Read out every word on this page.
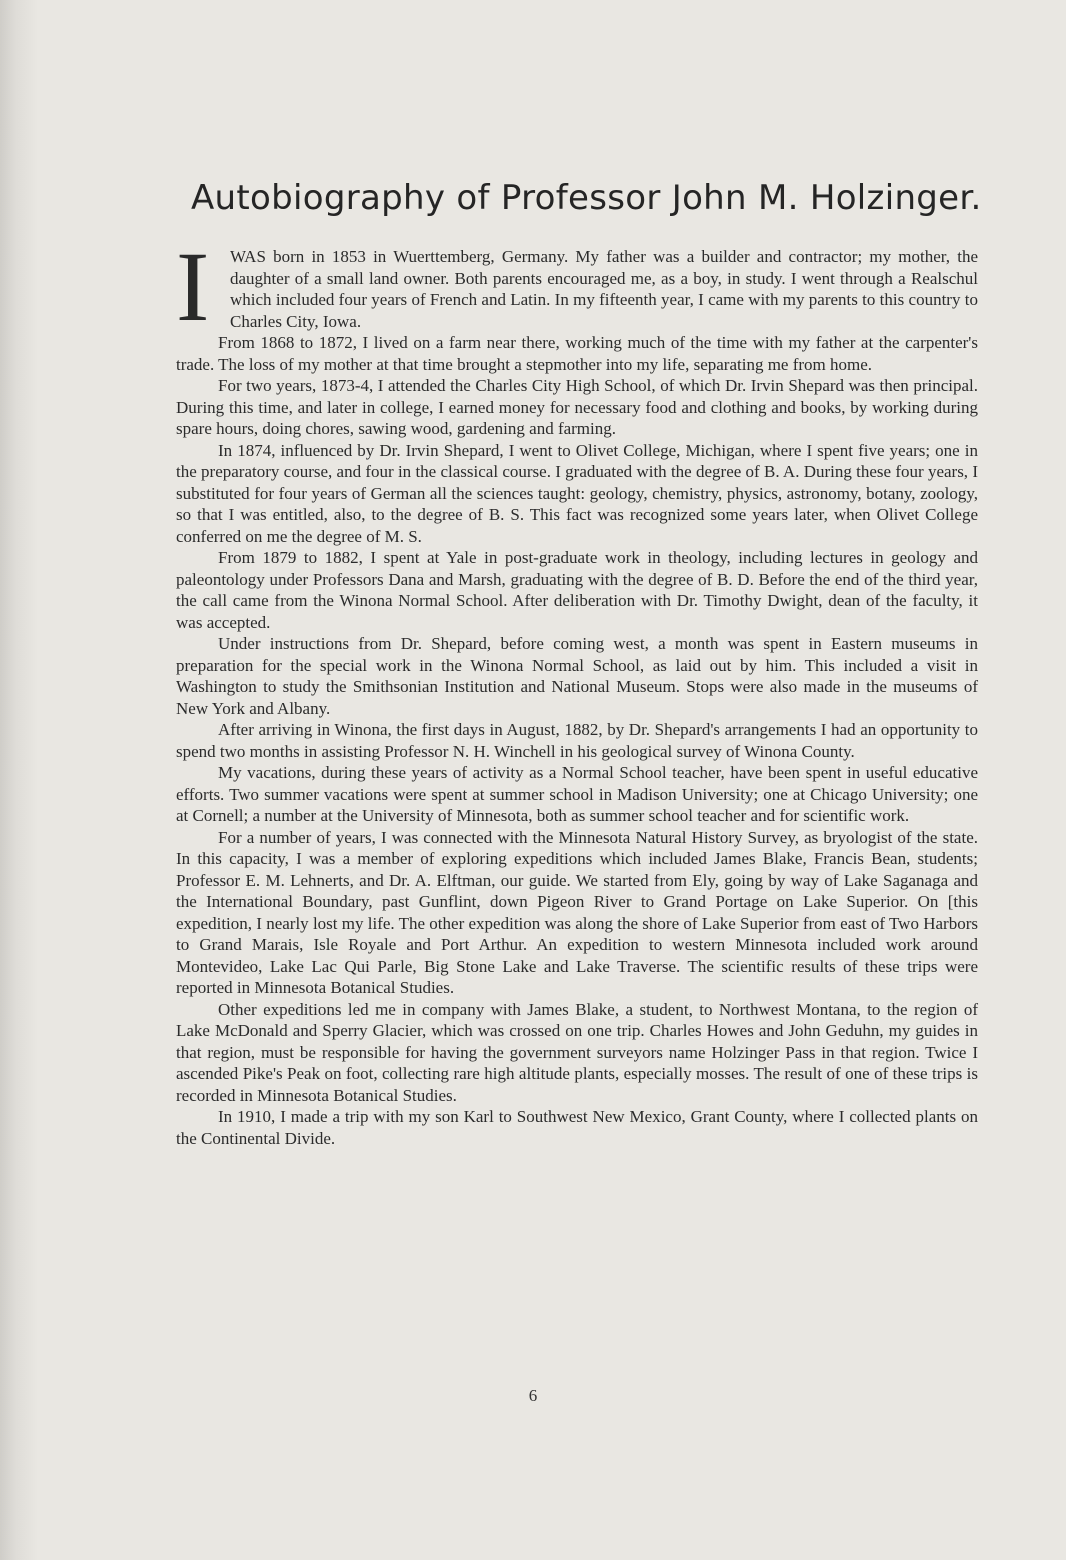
Autobiography of Professor John M. Holzinger.

I WAS born in 1853 in Wuerttemberg, Germany. My father was a builder and contractor; my mother, the daughter of a small land owner. Both parents encouraged me, as a boy, in study. I went through a Realschul which included four years of French and Latin. In my fifteenth year, I came with my parents to this country to Charles City, Iowa.

From 1868 to 1872, I lived on a farm near there, working much of the time with my father at the carpenter's trade. The loss of my mother at that time brought a stepmother into my life, separating me from home.

For two years, 1873-4, I attended the Charles City High School, of which Dr. Irvin Shepard was then principal. During this time, and later in college, I earned money for necessary food and clothing and books, by working during spare hours, doing chores, sawing wood, gardening and farming.

In 1874, influenced by Dr. Irvin Shepard, I went to Olivet College, Michigan, where I spent five years; one in the preparatory course, and four in the classical course. I graduated with the degree of B. A. During these four years, I substituted for four years of German all the sciences taught: geology, chemistry, physics, astronomy, botany, zoology, so that I was entitled, also, to the degree of B. S. This fact was recognized some years later, when Olivet College conferred on me the degree of M. S.

From 1879 to 1882, I spent at Yale in post-graduate work in theology, including lectures in geology and paleontology under Professors Dana and Marsh, graduating with the degree of B. D. Before the end of the third year, the call came from the Winona Normal School. After deliberation with Dr. Timothy Dwight, dean of the faculty, it was accepted.

Under instructions from Dr. Shepard, before coming west, a month was spent in Eastern museums in preparation for the special work in the Winona Normal School, as laid out by him. This included a visit in Washington to study the Smithsonian Institution and National Museum. Stops were also made in the museums of New York and Albany.

After arriving in Winona, the first days in August, 1882, by Dr. Shepard's arrangements I had an opportunity to spend two months in assisting Professor N. H. Winchell in his geological survey of Winona County.

My vacations, during these years of activity as a Normal School teacher, have been spent in useful educative efforts. Two summer vacations were spent at summer school in Madison University; one at Chicago University; one at Cornell; a number at the University of Minnesota, both as summer school teacher and for scientific work.

For a number of years, I was connected with the Minnesota Natural History Survey, as bryologist of the state. In this capacity, I was a member of exploring expeditions which included James Blake, Francis Bean, students; Professor E. M. Lehnerts, and Dr. A. Elftman, our guide. We started from Ely, going by way of Lake Saganaga and the International Boundary, past Gunflint, down Pigeon River to Grand Portage on Lake Superior. On [this expedition, I nearly lost my life. The other expedition was along the shore of Lake Superior from east of Two Harbors to Grand Marais, Isle Royale and Port Arthur. An expedition to western Minnesota included work around Montevideo, Lake Lac Qui Parle, Big Stone Lake and Lake Traverse. The scientific results of these trips were reported in Minnesota Botanical Studies.

Other expeditions led me in company with James Blake, a student, to Northwest Montana, to the region of Lake McDonald and Sperry Glacier, which was crossed on one trip. Charles Howes and John Geduhn, my guides in that region, must be responsible for having the government surveyors name Holzinger Pass in that region. Twice I ascended Pike's Peak on foot, collecting rare high altitude plants, especially mosses. The result of one of these trips is recorded in Minnesota Botanical Studies.

In 1910, I made a trip with my son Karl to Southwest New Mexico, Grant County, where I collected plants on the Continental Divide.

6
